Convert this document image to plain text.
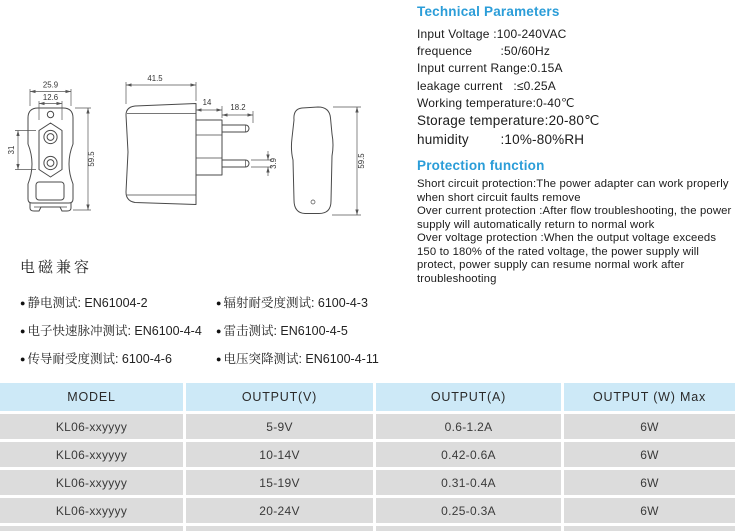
25.9
12.6
31
59.5
41.5
14
18.2
3.9	59.5
Technical Parameters
Input Voltage :100-240VAC
frequence        :50/60Hz
Input current Range:0.15A
leakage current   :≤0.25A
Working temperature:0-40℃
Storage temperature:20-80℃
humidity        :10%-80%RH
Protection function

Short circuit protection:The power adapter can work properly when short circuit faults remove

Over current protection :After flow troubleshooting, the power supply will automatically return to normal work

Over voltage protection :When the output voltage exceeds 150 to 180% of the rated voltage, the power supply will protect, power supply can resume normal work after troubleshooting

电磁兼容
● 静电测试: EN61004-2	● 辐射耐受度测试: 6100-4-3
● 电子快速脉冲测试: EN6100-4-4	● 雷击测试: EN6100-4-5
● 传导耐受度测试: 6100-4-6	● 电压突降测试: EN6100-4-11
MODEL	OUTPUT(V)	OUTPUT(A)	OUTPUT (W) Max
KL06-xxyyyy	5-9V	0.6-1.2A	6W
KL06-xxyyyy	10-14V	0.42-0.6A	6W
KL06-xxyyyy	15-19V	0.31-0.4A	6W
KL06-xxyyyy	20-24V	0.25-0.3A	6W
